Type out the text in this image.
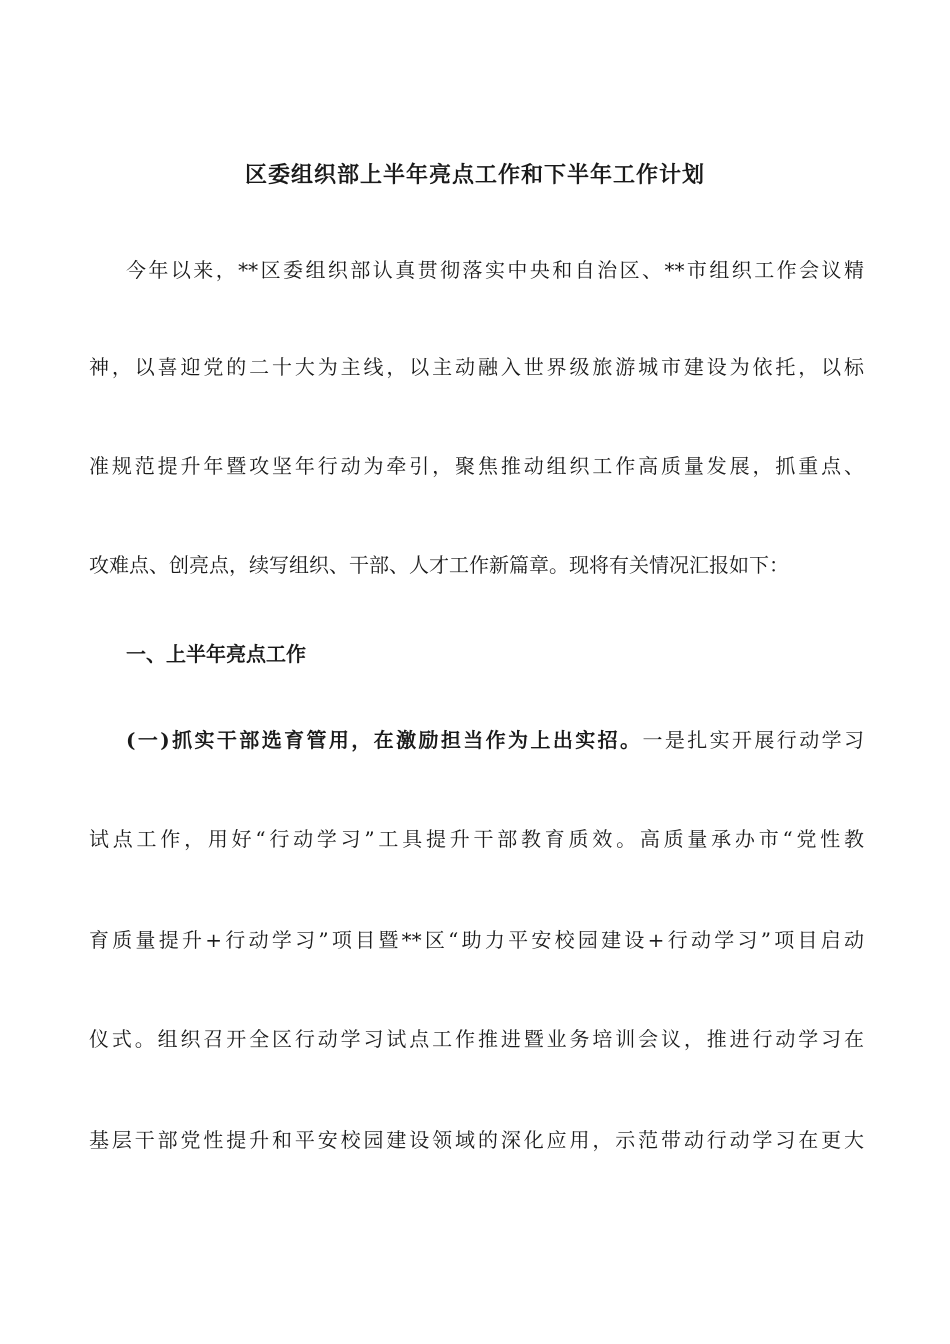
区委组织部上半年亮点工作和下半年工作计划
今年以来，**区委组织部认真贯彻落实中央和自治区、**市组织工作会议精
神，以喜迎党的二十大为主线，以主动融入世界级旅游城市建设为依托，以标
准规范提升年暨攻坚年行动为牵引，聚焦推动组织工作高质量发展，抓重点、
攻难点、创亮点，续写组织、干部、人才工作新篇章。现将有关情况汇报如下：
一、上半年亮点工作
(一)抓实干部选育管用，在激励担当作为上出实招。一是扎实开展行动学习
试点工作，用好“行动学习”工具提升干部教育质效。高质量承办市“党性教
育质量提升+行动学习”项目暨**区“助力平安校园建设+行动学习”项目启动
仪式。组织召开全区行动学习试点工作推进暨业务培训会议，推进行动学习在
基层干部党性提升和平安校园建设领域的深化应用，示范带动行动学习在更大
